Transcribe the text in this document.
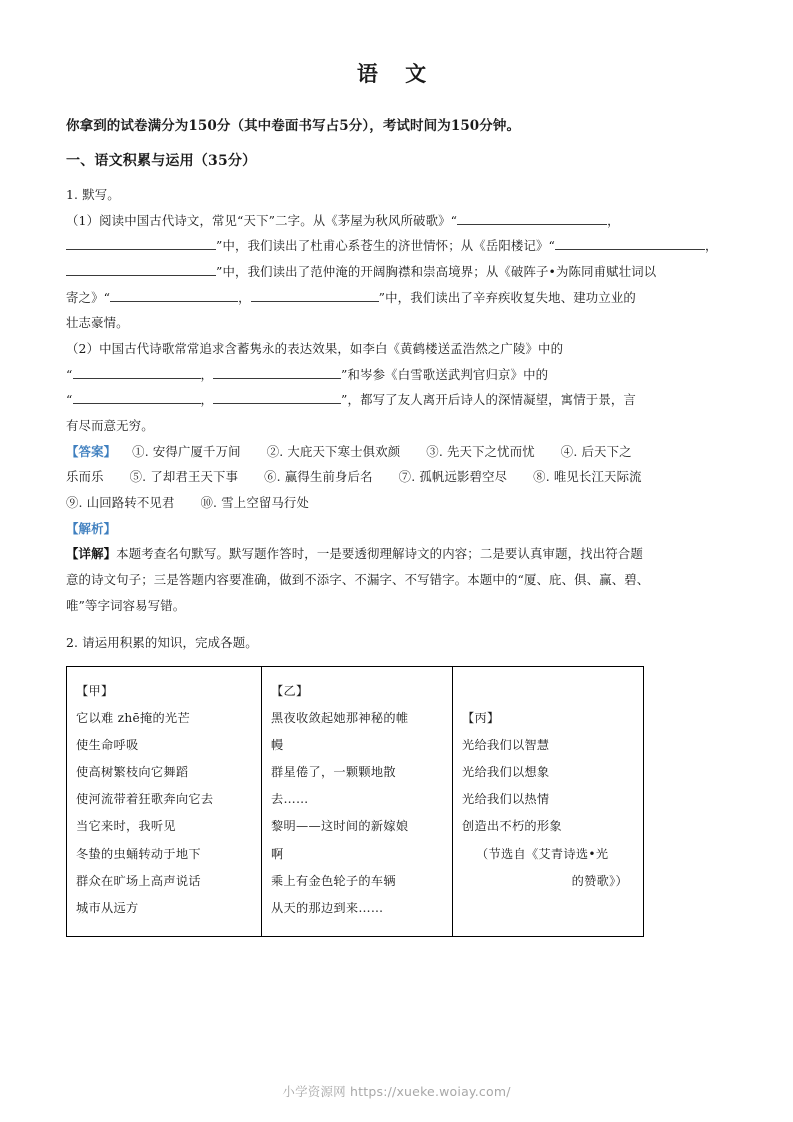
语 文
你拿到的试卷满分为150分（其中卷面书写占5分），考试时间为150分钟。
一、语文积累与运用（35分）
1. 默写。
（1）阅读中国古代诗文，常见“天下”二字。从《茅屋为秋风所破歌》“	，
”中，我们读出了杜甫心系苍生的济世情怀；从《岳阳楼记》“	，
”中，我们读出了范仲淹的开阔胸襟和崇高境界；从《破阵子•为陈同甫赋壮词以
寄之》“	，	”中，我们读出了辛弃疾收复失地、建功立业的
壮志豪情。
（2）中国古代诗歌常常追求含蓄隽永的表达效果，如李白《黄鹤楼送孟浩然之广陵》中的
“	，	”和岑参《白雪歌送武判官归京》中的
“	，	”，都写了友人离开后诗人的深情凝望，寓情于景，言
有尽而意无穷。
【答案】 ①. 安得广厦千万间 ②. 大庇天下寒士俱欢颜 ③. 先天下之忧而忧 ④. 后天下之
乐而乐 ⑤. 了却君王天下事 ⑥. 赢得生前身后名 ⑦. 孤帆远影碧空尽 ⑧. 唯见长江天际流
⑨. 山回路转不见君 ⑩. 雪上空留马行处
【解析】
【详解】本题考查名句默写。默写题作答时，一是要透彻理解诗文的内容；二是要认真审题，找出符合题
意的诗文句子；三是答题内容要准确，做到不添字、不漏字、不写错字。本题中的“厦、庇、俱、赢、碧、
唯”等字词容易写错。
2. 请运用积累的知识，完成各题。
【甲】
它以难 zhē掩的光芒
使生命呼吸
使高树繁枝向它舞蹈
使河流带着狂歌奔向它去
当它来时，我听见
冬蛰的虫蛹转动于地下
群众在旷场上高声说话
城市从远方

【乙】
黑夜收敛起她那神秘的帷
幔
群星倦了，一颗颗地散
去……
黎明——这时间的新嫁娘
啊
乘上有金色轮子的车辆
从天的那边到来……

【丙】
光给我们以智慧
光给我们以想象
光给我们以热情
创造出不朽的形象
（节选自《艾青诗选•光
的赞歌》）
小学资源网 https://xueke.woiay.com/
